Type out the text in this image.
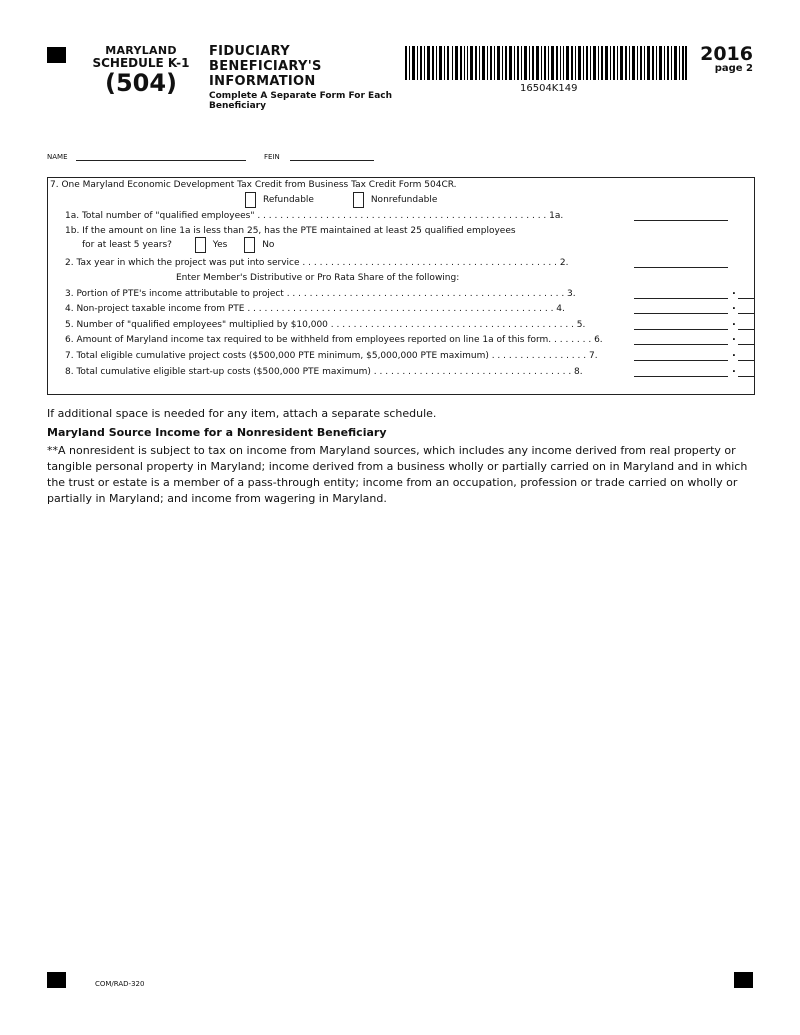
MARYLAND
SCHEDULE K-1
(504)
FIDUCIARY
BENEFICIARY'S
INFORMATION
Complete A Separate Form For Each Beneficiary
16504K149
2016
page 2
NAME	FEIN
7. One Maryland Economic Development Tax Credit from Business Tax Credit Form 504CR.
Refundable	Nonrefundable
1a. Total number of "qualified employees" . . . . . . . . . . . . . . . . . . . . . . . . . . . . . . . . . . . . . . . . . . . . . . . . . . . 1a.
1b. If the amount on line 1a is less than 25, has the PTE maintained at least 25 qualified employees
for at least 5 years?	Yes	No
2. Tax year in which the project was put into service . . . . . . . . . . . . . . . . . . . . . . . . . . . . . . . . . . . . . . . . . . . . . 2.
Enter Member's Distributive or Pro Rata Share of the following:
3. Portion of PTE's income attributable to project . . . . . . . . . . . . . . . . . . . . . . . . . . . . . . . . . . . . . . . . . . . . . . . . . 3.	.
4. Non-project taxable income from PTE . . . . . . . . . . . . . . . . . . . . . . . . . . . . . . . . . . . . . . . . . . . . . . . . . . . . . . 4.	.
5. Number of "qualified employees" multiplied by $10,000 . . . . . . . . . . . . . . . . . . . . . . . . . . . . . . . . . . . . . . . . . . . 5.	.
6. Amount of Maryland income tax required to be withheld from employees reported on line 1a of this form. . . . . . . . 6.	.
7. Total eligible cumulative project costs ($500,000 PTE minimum, $5,000,000 PTE maximum) . . . . . . . . . . . . . . . . . 7.	.
8. Total cumulative eligible start-up costs ($500,000 PTE maximum) . . . . . . . . . . . . . . . . . . . . . . . . . . . . . . . . . . . 8.	.
If additional space is needed for any item, attach a separate schedule.
Maryland Source Income for a Nonresident Beneficiary
**A nonresident is subject to tax on income from Maryland sources, which includes any income derived from real property or tangible personal property in Maryland; income derived from a business wholly or partially carried on in Maryland and in which the trust or estate is a member of a pass-through entity; income from an occupation, profession or trade carried on wholly or partially in Maryland; and income from wagering in Maryland.
COM/RAD-320
